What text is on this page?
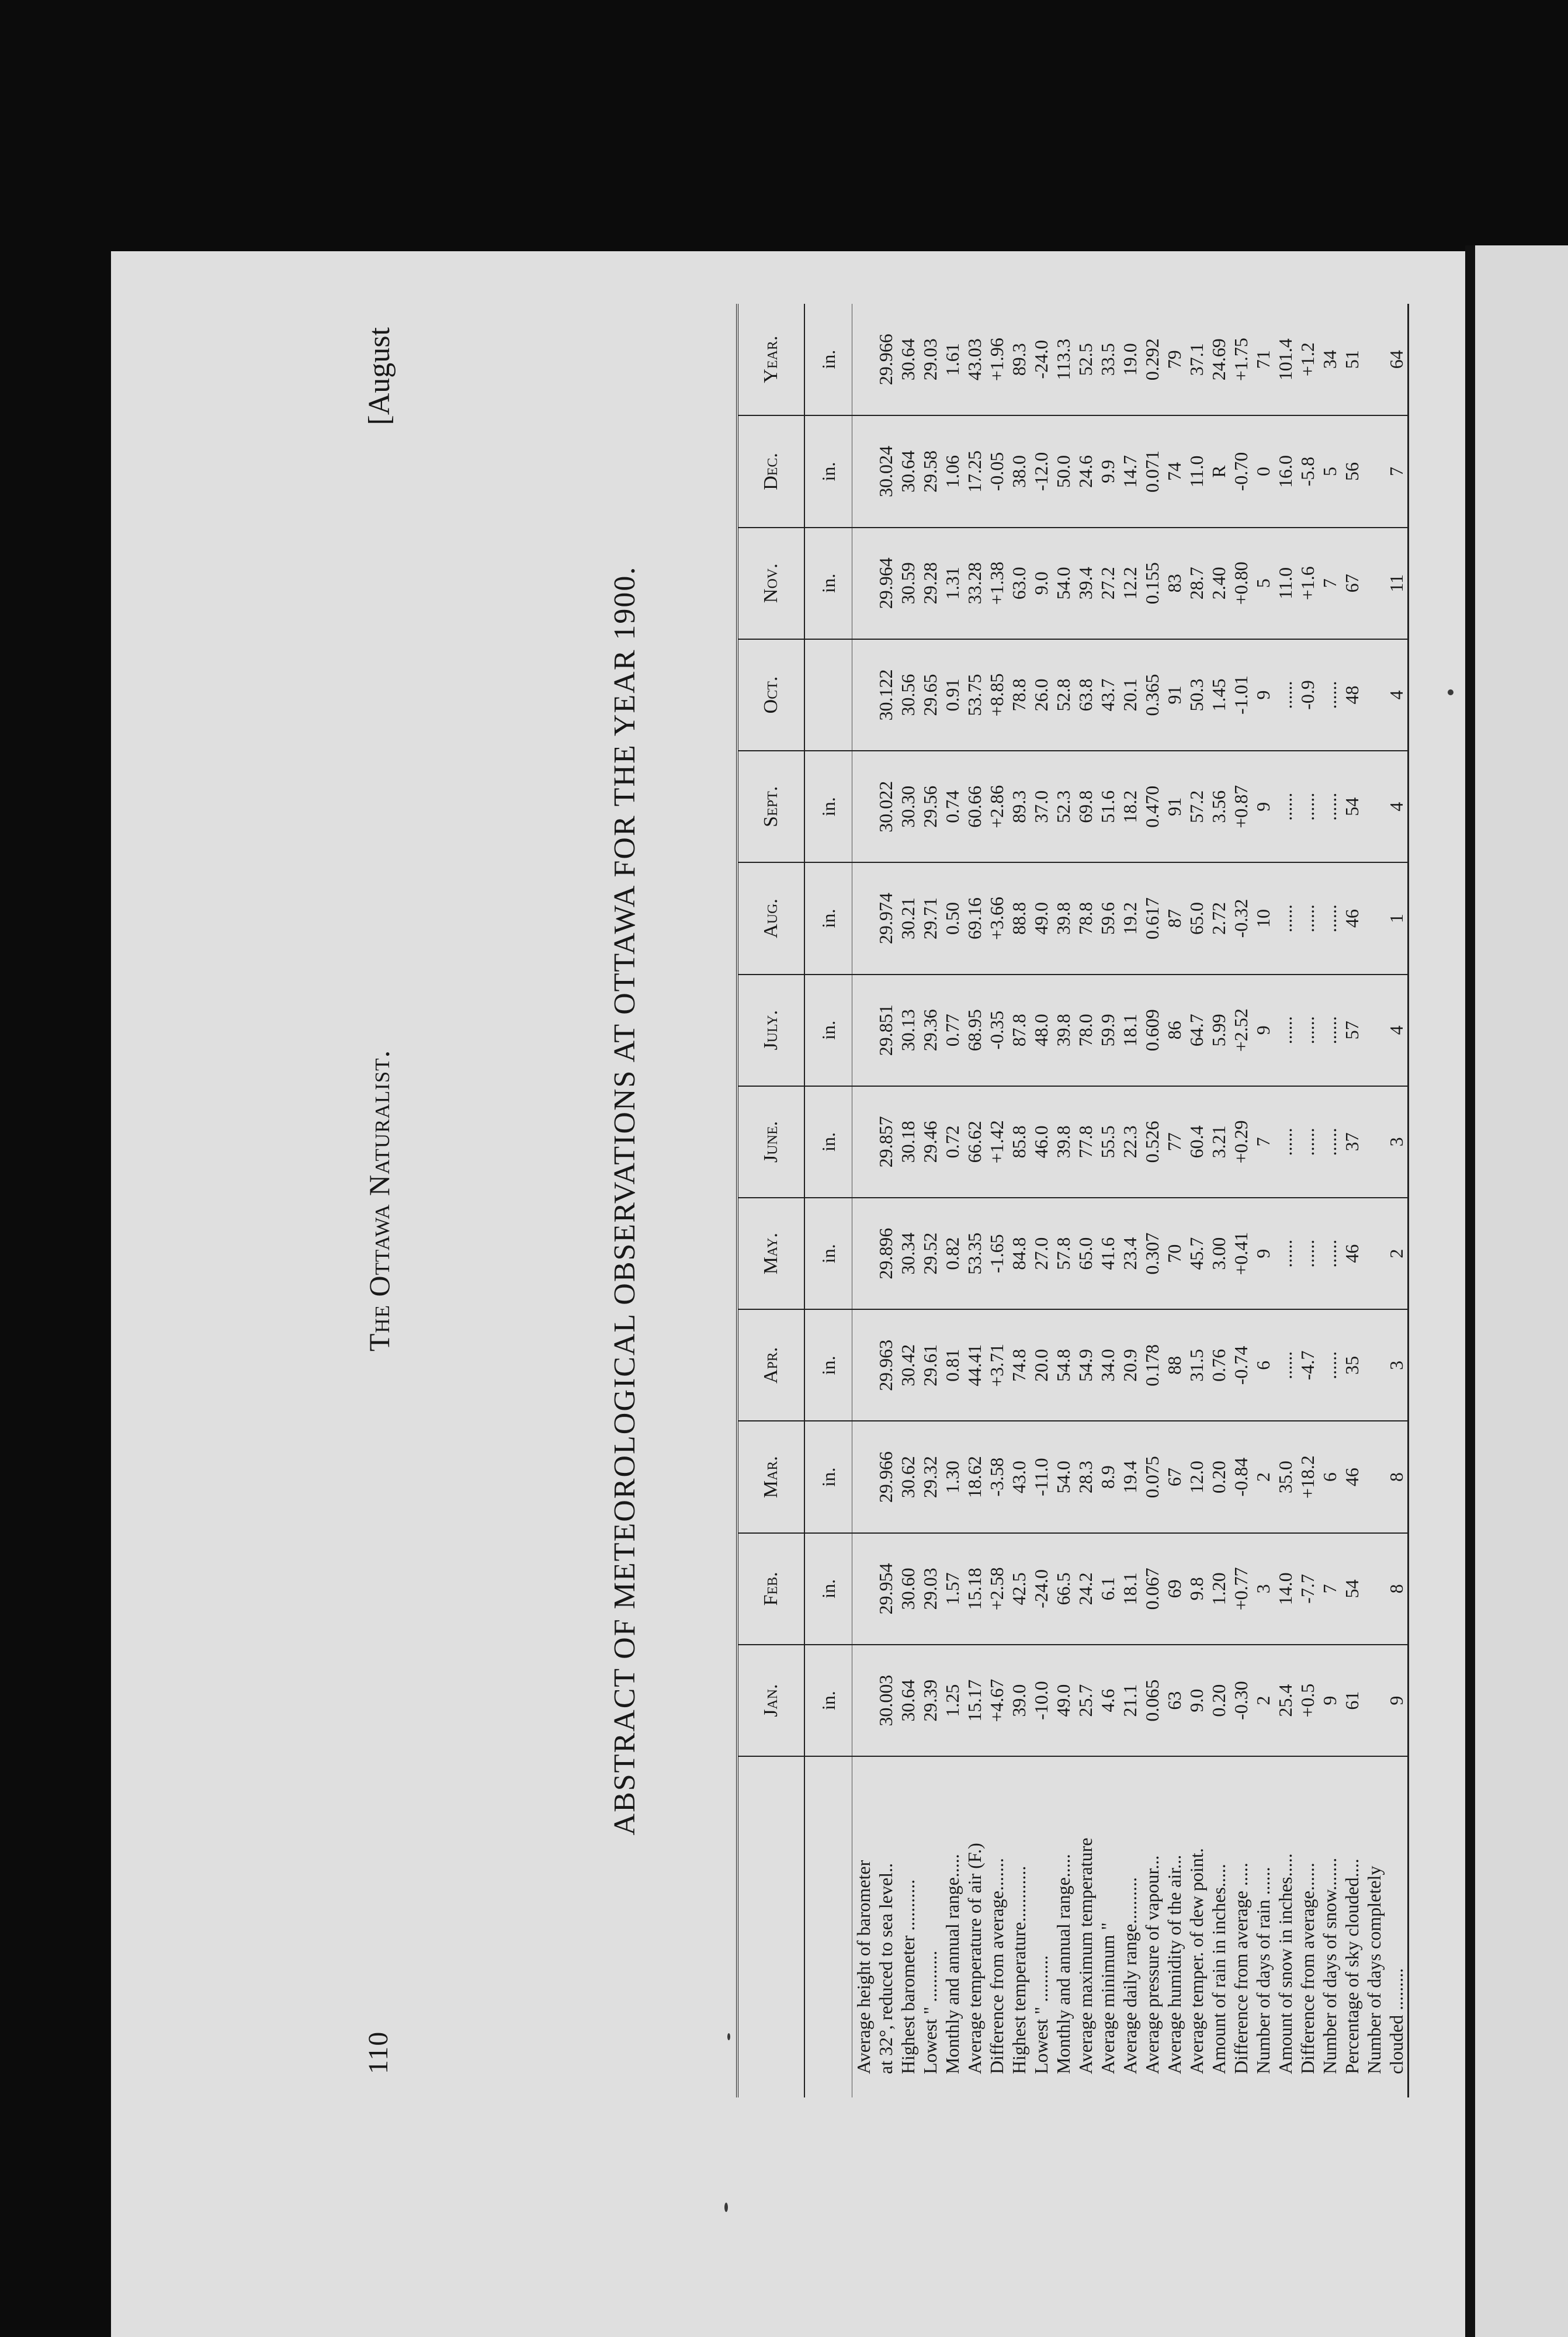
110
The Ottawa Naturalist.
[August
ABSTRACT OF METEOROLOGICAL OBSERVATIONS AT OTTAWA FOR THE YEAR 1900.
		Jan.	Feb.	Mar.	Apr.	May.	June.	July.	Aug.	Sept.	Oct.	Nov.	Dec.	Year.
	in.	in.	in.	in.	in.	in.	in.	in.	in.		in.	in.	in.
Average height of barometer													
at 32°, reduced to sea level..	30.003	29.954	29.966	29.963	29.896	29.857	29.851	29.974	30.022	30.122	29.964	30.024	29.966
Highest barometer ...........	30.64	30.60	30.62	30.42	30.34	30.18	30.13	30.21	30.30	30.56	30.59	30.64	30.64
Lowest " ...........	29.39	29.03	29.32	29.61	29.52	29.46	29.36	29.71	29.56	29.65	29.28	29.58	29.03
Monthly and annual range.....	1.25	1.57	1.30	0.81	0.82	0.72	0.77	0.50	0.74	0.91	1.31	1.06	1.61
Average temperature of air (F.)	15.17	15.18	18.62	44.41	53.35	66.62	68.95	69.16	60.66	53.75	33.28	17.25	43.03
Difference from average.......	+4.67	+2.58	-3.58	+3.71	-1.65	+1.42	-0.35	+3.66	+2.86	+8.85	+1.38	-0.05	+1.96
Highest temperature............	39.0	42.5	43.0	74.8	84.8	85.8	87.8	88.8	89.3	78.8	63.0	38.0	89.3
Lowest " ..........	-10.0	-24.0	-11.0	20.0	27.0	46.0	48.0	49.0	37.0	26.0	9.0	-12.0	-24.0
Monthly and annual range.....	49.0	66.5	54.0	54.8	57.8	39.8	39.8	39.8	52.3	52.8	54.0	50.0	113.3
Average maximum temperature	25.7	24.2	28.3	54.9	65.0	77.8	78.0	78.8	69.8	63.8	39.4	24.6	52.5
Average minimum "	4.6	6.1	8.9	34.0	41.6	55.5	59.9	59.6	51.6	43.7	27.2	9.9	33.5
Average daily range..........	21.1	18.1	19.4	20.9	23.4	22.3	18.1	19.2	18.2	20.1	12.2	14.7	19.0
Average pressure of vapour...	0.065	0.067	0.075	0.178	0.307	0.526	0.609	0.617	0.470	0.365	0.155	0.071	0.292
Average humidity of the air...	63	69	67	88	70	77	86	87	91	91	83	74	79
Average temper. of dew point.	9.0	9.8	12.0	31.5	45.7	60.4	64.7	65.0	57.2	50.3	28.7	11.0	37.1
Amount of rain in inches.....	0.20	1.20	0.20	0.76	3.00	3.21	5.99	2.72	3.56	1.45	2.40	R	24.69
Difference from average .....	-0.30	+0.77	-0.84	-0.74	+0.41	+0.29	+2.52	-0.32	+0.87	-1.01	+0.80	-0.70	+1.75
Number of days of rain ......	2	3	2	6	9	7	9	10	9	9	5	0	71
Amount of snow in inches.....	25.4	14.0	35.0	......	......	......	......	......	......	......	11.0	16.0	101.4
Difference from average......	+0.5	-7.7	+18.2	-4.7	......	......	......	......	......	-0.9	+1.6	-5.8	+1.2
Number of days of snow.......	9	7	6	......	......	......	......	......	......	......	7	5	34
Percentage of sky clouded....	61	54	46	35	46	37	57	46	54	48	67	56	51
Number of days completely													
clouded .........	9	8	8	3	2	3	4	1	4	4	11	7	64
